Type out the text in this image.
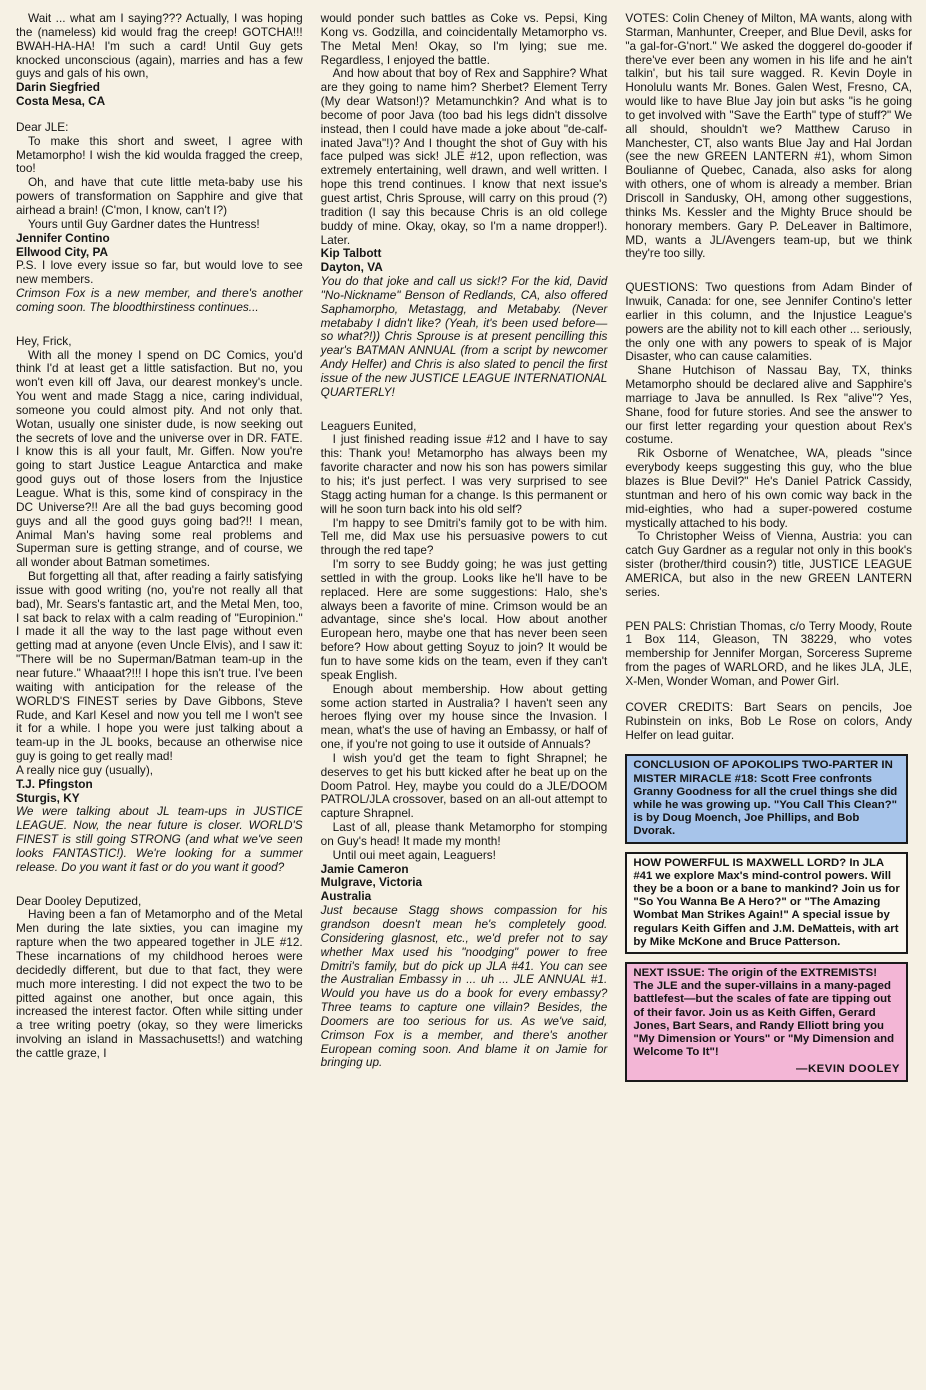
Wait ... what am I saying??? Actually, I was hoping the (nameless) kid would frag the creep! GOTCHA!!! BWAH-HA-HA! I'm such a card! Until Guy gets knocked unconscious (again), marries and has a few guys and gals of his own,

Darin Siegfried

Costa Mesa, CA

Dear JLE:

To make this short and sweet, I agree with Metamorpho! I wish the kid woulda fragged the creep, too!

Oh, and have that cute little meta-baby use his powers of transformation on Sapphire and give that airhead a brain! (C'mon, I know, can't I?)

Yours until Guy Gardner dates the Huntress!

Jennifer Contino

Ellwood City, PA

P.S. I love every issue so far, but would love to see new members.

Crimson Fox is a new member, and there's another coming soon. The bloodthirstiness continues...

Hey, Frick,

With all the money I spend on DC Comics, you'd think I'd at least get a little satisfaction. But no, you won't even kill off Java, our dearest monkey's uncle. You went and made Stagg a nice, caring individual, someone you could almost pity. And not only that. Wotan, usually one sinister dude, is now seeking out the secrets of love and the universe over in DR. FATE. I know this is all your fault, Mr. Giffen. Now you're going to start Justice League Antarctica and make good guys out of those losers from the Injustice League. What is this, some kind of conspiracy in the DC Universe?!! Are all the bad guys becoming good guys and all the good guys going bad?!! I mean, Animal Man's having some real problems and Superman sure is getting strange, and of course, we all wonder about Batman sometimes.

But forgetting all that, after reading a fairly satisfying issue with good writing (no, you're not really all that bad), Mr. Sears's fantastic art, and the Metal Men, too, I sat back to relax with a calm reading of "Europinion." I made it all the way to the last page without even getting mad at anyone (even Uncle Elvis), and I saw it: "There will be no Superman/Batman team-up in the near future." Whaaat?!!! I hope this isn't true. I've been waiting with anticipation for the release of the WORLD'S FINEST series by Dave Gibbons, Steve Rude, and Karl Kesel and now you tell me I won't see it for a while. I hope you were just talking about a team-up in the JL books, because an otherwise nice guy is going to get really mad!

A really nice guy (usually),

T.J. Pfingston

Sturgis, KY

We were talking about JL team-ups in JUSTICE LEAGUE. Now, the near future is closer. WORLD'S FINEST is still going STRONG (and what we've seen looks FANTASTIC!). We're looking for a summer release. Do you want it fast or do you want it good?

Dear Dooley Deputized,

Having been a fan of Metamorpho and of the Metal Men during the late sixties, you can imagine my rapture when the two appeared together in JLE #12. These incarnations of my childhood heroes were decidedly different, but due to that fact, they were much more interesting. I did not expect the two to be pitted against one another, but once again, this increased the interest factor. Often while sitting under a tree writing poetry (okay, so they were limericks involving an island in Massachusetts!) and watching the cattle graze, I

would ponder such battles as Coke vs. Pepsi, King Kong vs. Godzilla, and coincidentally Metamorpho vs. The Metal Men! Okay, so I'm lying; sue me. Regardless, I enjoyed the battle.

And how about that boy of Rex and Sapphire? What are they going to name him? Sherbet? Element Terry (My dear Watson!)? Metamunchkin? And what is to become of poor Java (too bad his legs didn't dissolve instead, then I could have made a joke about "de-calf-inated Java"!)? And I thought the shot of Guy with his face pulped was sick! JLE #12, upon reflection, was extremely entertaining, well drawn, and well written. I hope this trend continues. I know that next issue's guest artist, Chris Sprouse, will carry on this proud (?) tradition (I say this because Chris is an old college buddy of mine. Okay, okay, so I'm a name dropper!). Later.

Kip Talbott

Dayton, VA

You do that joke and call us sick!? For the kid, David "No-Nickname" Benson of Redlands, CA, also offered Saphamorpho, Metastagg, and Metababy. (Never metababy I didn't like? (Yeah, it's been used before—so what?!)) Chris Sprouse is at present pencilling this year's BATMAN ANNUAL (from a script by newcomer Andy Helfer) and Chris is also slated to pencil the first issue of the new JUSTICE LEAGUE INTERNATIONAL QUARTERLY!

Leaguers Eunited,

I just finished reading issue #12 and I have to say this: Thank you! Metamorpho has always been my favorite character and now his son has powers similar to his; it's just perfect. I was very surprised to see Stagg acting human for a change. Is this permanent or will he soon turn back into his old self?

I'm happy to see Dmitri's family got to be with him. Tell me, did Max use his persuasive powers to cut through the red tape?

I'm sorry to see Buddy going; he was just getting settled in with the group. Looks like he'll have to be replaced. Here are some suggestions: Halo, she's always been a favorite of mine. Crimson would be an advantage, since she's local. How about another European hero, maybe one that has never been seen before? How about getting Soyuz to join? It would be fun to have some kids on the team, even if they can't speak English.

Enough about membership. How about getting some action started in Australia? I haven't seen any heroes flying over my house since the Invasion. I mean, what's the use of having an Embassy, or half of one, if you're not going to use it outside of Annuals?

I wish you'd get the team to fight Shrapnel; he deserves to get his butt kicked after he beat up on the Doom Patrol. Hey, maybe you could do a JLE/DOOM PATROL/JLA crossover, based on an all-out attempt to capture Shrapnel.

Last of all, please thank Metamorpho for stomping on Guy's head! It made my month!

Until oui meet again, Leaguers!

Jamie Cameron

Mulgrave, Victoria

Australia

Just because Stagg shows compassion for his grandson doesn't mean he's completely good. Considering glasnost, etc., we'd prefer not to say whether Max used his "noodging" power to free Dmitri's family, but do pick up JLA #41. You can see the Australian Embassy in ... uh ... JLE ANNUAL #1. Would you have us do a book for every embassy? Three teams to capture one villain? Besides, the Doomers are too serious for us. As we've said, Crimson Fox is a member, and there's another European coming soon. And blame it on Jamie for bringing up.

VOTES: Colin Cheney of Milton, MA wants, along with Starman, Manhunter, Creeper, and Blue Devil, asks for "a gal-for-G'nort." We asked the doggerel do-gooder if there've ever been any women in his life and he ain't talkin', but his tail sure wagged. R. Kevin Doyle in Honolulu wants Mr. Bones. Galen West, Fresno, CA, would like to have Blue Jay join but asks "is he going to get involved with "Save the Earth" type of stuff?" We all should, shouldn't we? Matthew Caruso in Manchester, CT, also wants Blue Jay and Hal Jordan (see the new GREEN LANTERN #1), whom Simon Boulianne of Quebec, Canada, also asks for along with others, one of whom is already a member. Brian Driscoll in Sandusky, OH, among other suggestions, thinks Ms. Kessler and the Mighty Bruce should be honorary members. Gary P. DeLeaver in Baltimore, MD, wants a JL/Avengers team-up, but we think they're too silly.

QUESTIONS: Two questions from Adam Binder of Inwuik, Canada: for one, see Jennifer Contino's letter earlier in this column, and the Injustice League's powers are the ability not to kill each other ... seriously, the only one with any powers to speak of is Major Disaster, who can cause calamities.

Shane Hutchison of Nassau Bay, TX, thinks Metamorpho should be declared alive and Sapphire's marriage to Java be annulled. Is Rex "alive"? Yes, Shane, food for future stories. And see the answer to our first letter regarding your question about Rex's costume.

Rik Osborne of Wenatchee, WA, pleads "since everybody keeps suggesting this guy, who the blue blazes is Blue Devil?" He's Daniel Patrick Cassidy, stuntman and hero of his own comic way back in the mid-eighties, who had a super-powered costume mystically attached to his body.

To Christopher Weiss of Vienna, Austria: you can catch Guy Gardner as a regular not only in this book's sister (brother/third cousin?) title, JUSTICE LEAGUE AMERICA, but also in the new GREEN LANTERN series.

PEN PALS: Christian Thomas, c/o Terry Moody, Route 1 Box 114, Gleason, TN 38229, who votes membership for Jennifer Morgan, Sorceress Supreme from the pages of WARLORD, and he likes JLA, JLE, X-Men, Wonder Woman, and Power Girl.

COVER CREDITS: Bart Sears on pencils, Joe Rubinstein on inks, Bob Le Rose on colors, Andy Helfer on lead guitar.

CONCLUSION OF APOKOLIPS TWO-PARTER IN MISTER MIRACLE #18: Scott Free confronts Granny Goodness for all the cruel things she did while he was growing up. "You Call This Clean?" is by Doug Moench, Joe Phillips, and Bob Dvorak.

HOW POWERFUL IS MAXWELL LORD? In JLA #41 we explore Max's mind-control powers. Will they be a boon or a bane to mankind? Join us for "So You Wanna Be A Hero?" or "The Amazing Wombat Man Strikes Again!" A special issue by regulars Keith Giffen and J.M. DeMatteis, with art by Mike McKone and Bruce Patterson.

NEXT ISSUE: The origin of the EXTREMISTS! The JLE and the super-villains in a many-paged battlefest—but the scales of fate are tipping out of their favor. Join us as Keith Giffen, Gerard Jones, Bart Sears, and Randy Elliott bring you "My Dimension or Yours" or "My Dimension and Welcome To It"!

—KEVIN DOOLEY
